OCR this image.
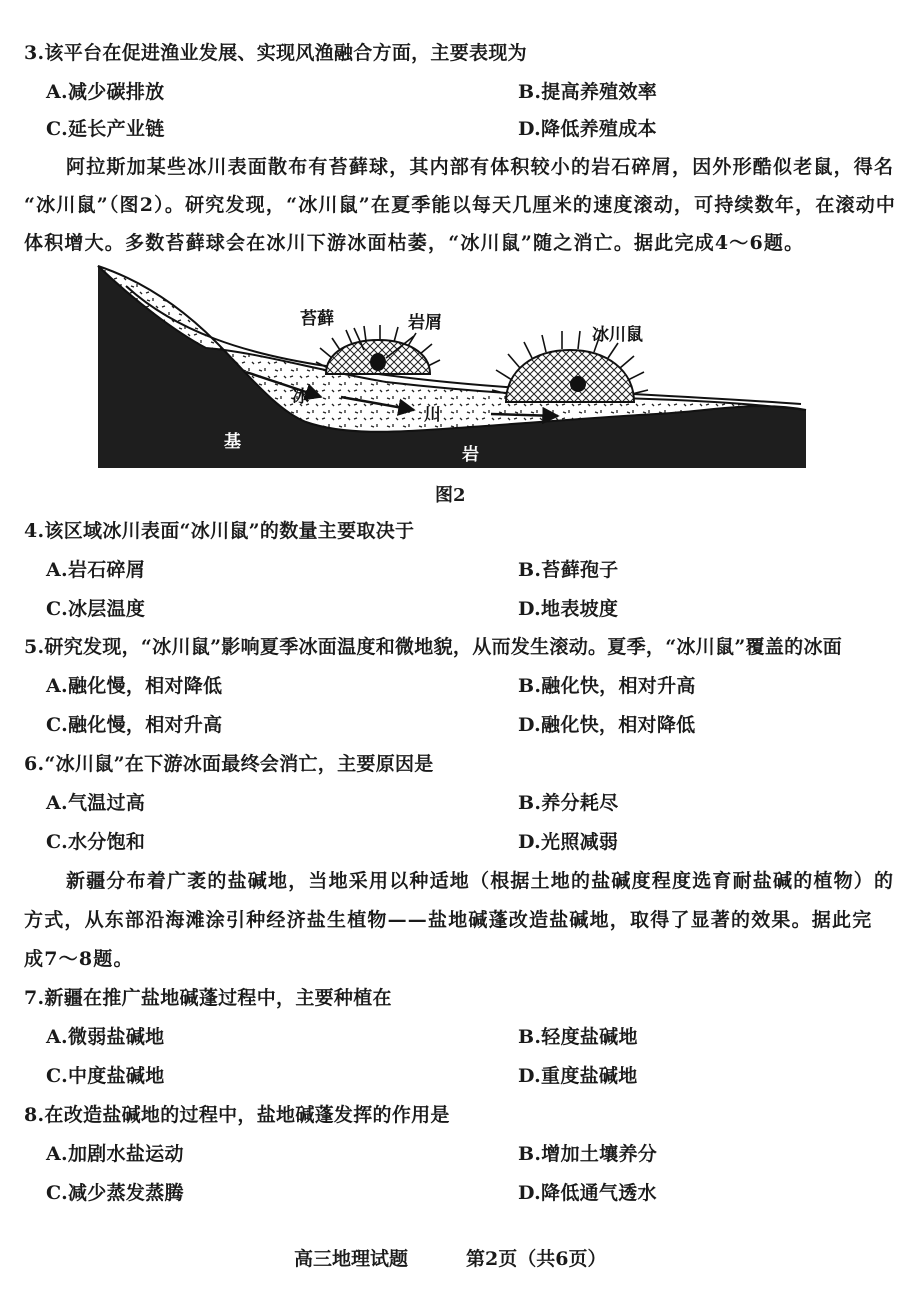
3.该平台在促进渔业发展、实现风渔融合方面，主要表现为
A.减少碳排放	B.提高养殖效率
C.延长产业链	D.降低养殖成本
阿拉斯加某些冰川表面散布有苔藓球，其内部有体积较小的岩石碎屑，因外形酷似老鼠，得名
“冰川鼠”（图2）。研究发现，“冰川鼠”在夏季能以每天几厘米的速度滚动，可持续数年，在滚动中
体积增大。多数苔藓球会在冰川下游冰面枯萎，“冰川鼠”随之消亡。据此完成4～6题。
苔藓	岩屑
冰川鼠
冰
川
基
岩
图2
4.该区域冰川表面“冰川鼠”的数量主要取决于
A.岩石碎屑	B.苔藓孢子
C.冰层温度	D.地表坡度
5.研究发现，“冰川鼠”影响夏季冰面温度和微地貌，从而发生滚动。夏季，“冰川鼠”覆盖的冰面
A.融化慢，相对降低	B.融化快，相对升高
C.融化慢，相对升高	D.融化快，相对降低
6.“冰川鼠”在下游冰面最终会消亡，主要原因是
A.气温过高	B.养分耗尽
C.水分饱和	D.光照减弱
新疆分布着广袤的盐碱地，当地采用以种适地（根据土地的盐碱度程度选育耐盐碱的植物）的
方式，从东部沿海滩涂引种经济盐生植物——盐地碱蓬改造盐碱地，取得了显著的效果。据此完
成7～8题。
7.新疆在推广盐地碱蓬过程中，主要种植在
A.微弱盐碱地	B.轻度盐碱地
C.中度盐碱地	D.重度盐碱地
8.在改造盐碱地的过程中，盐地碱蓬发挥的作用是
A.加剧水盐运动	B.增加土壤养分
C.减少蒸发蒸腾	D.降低通气透水
高三地理试题	第2页（共6页）
